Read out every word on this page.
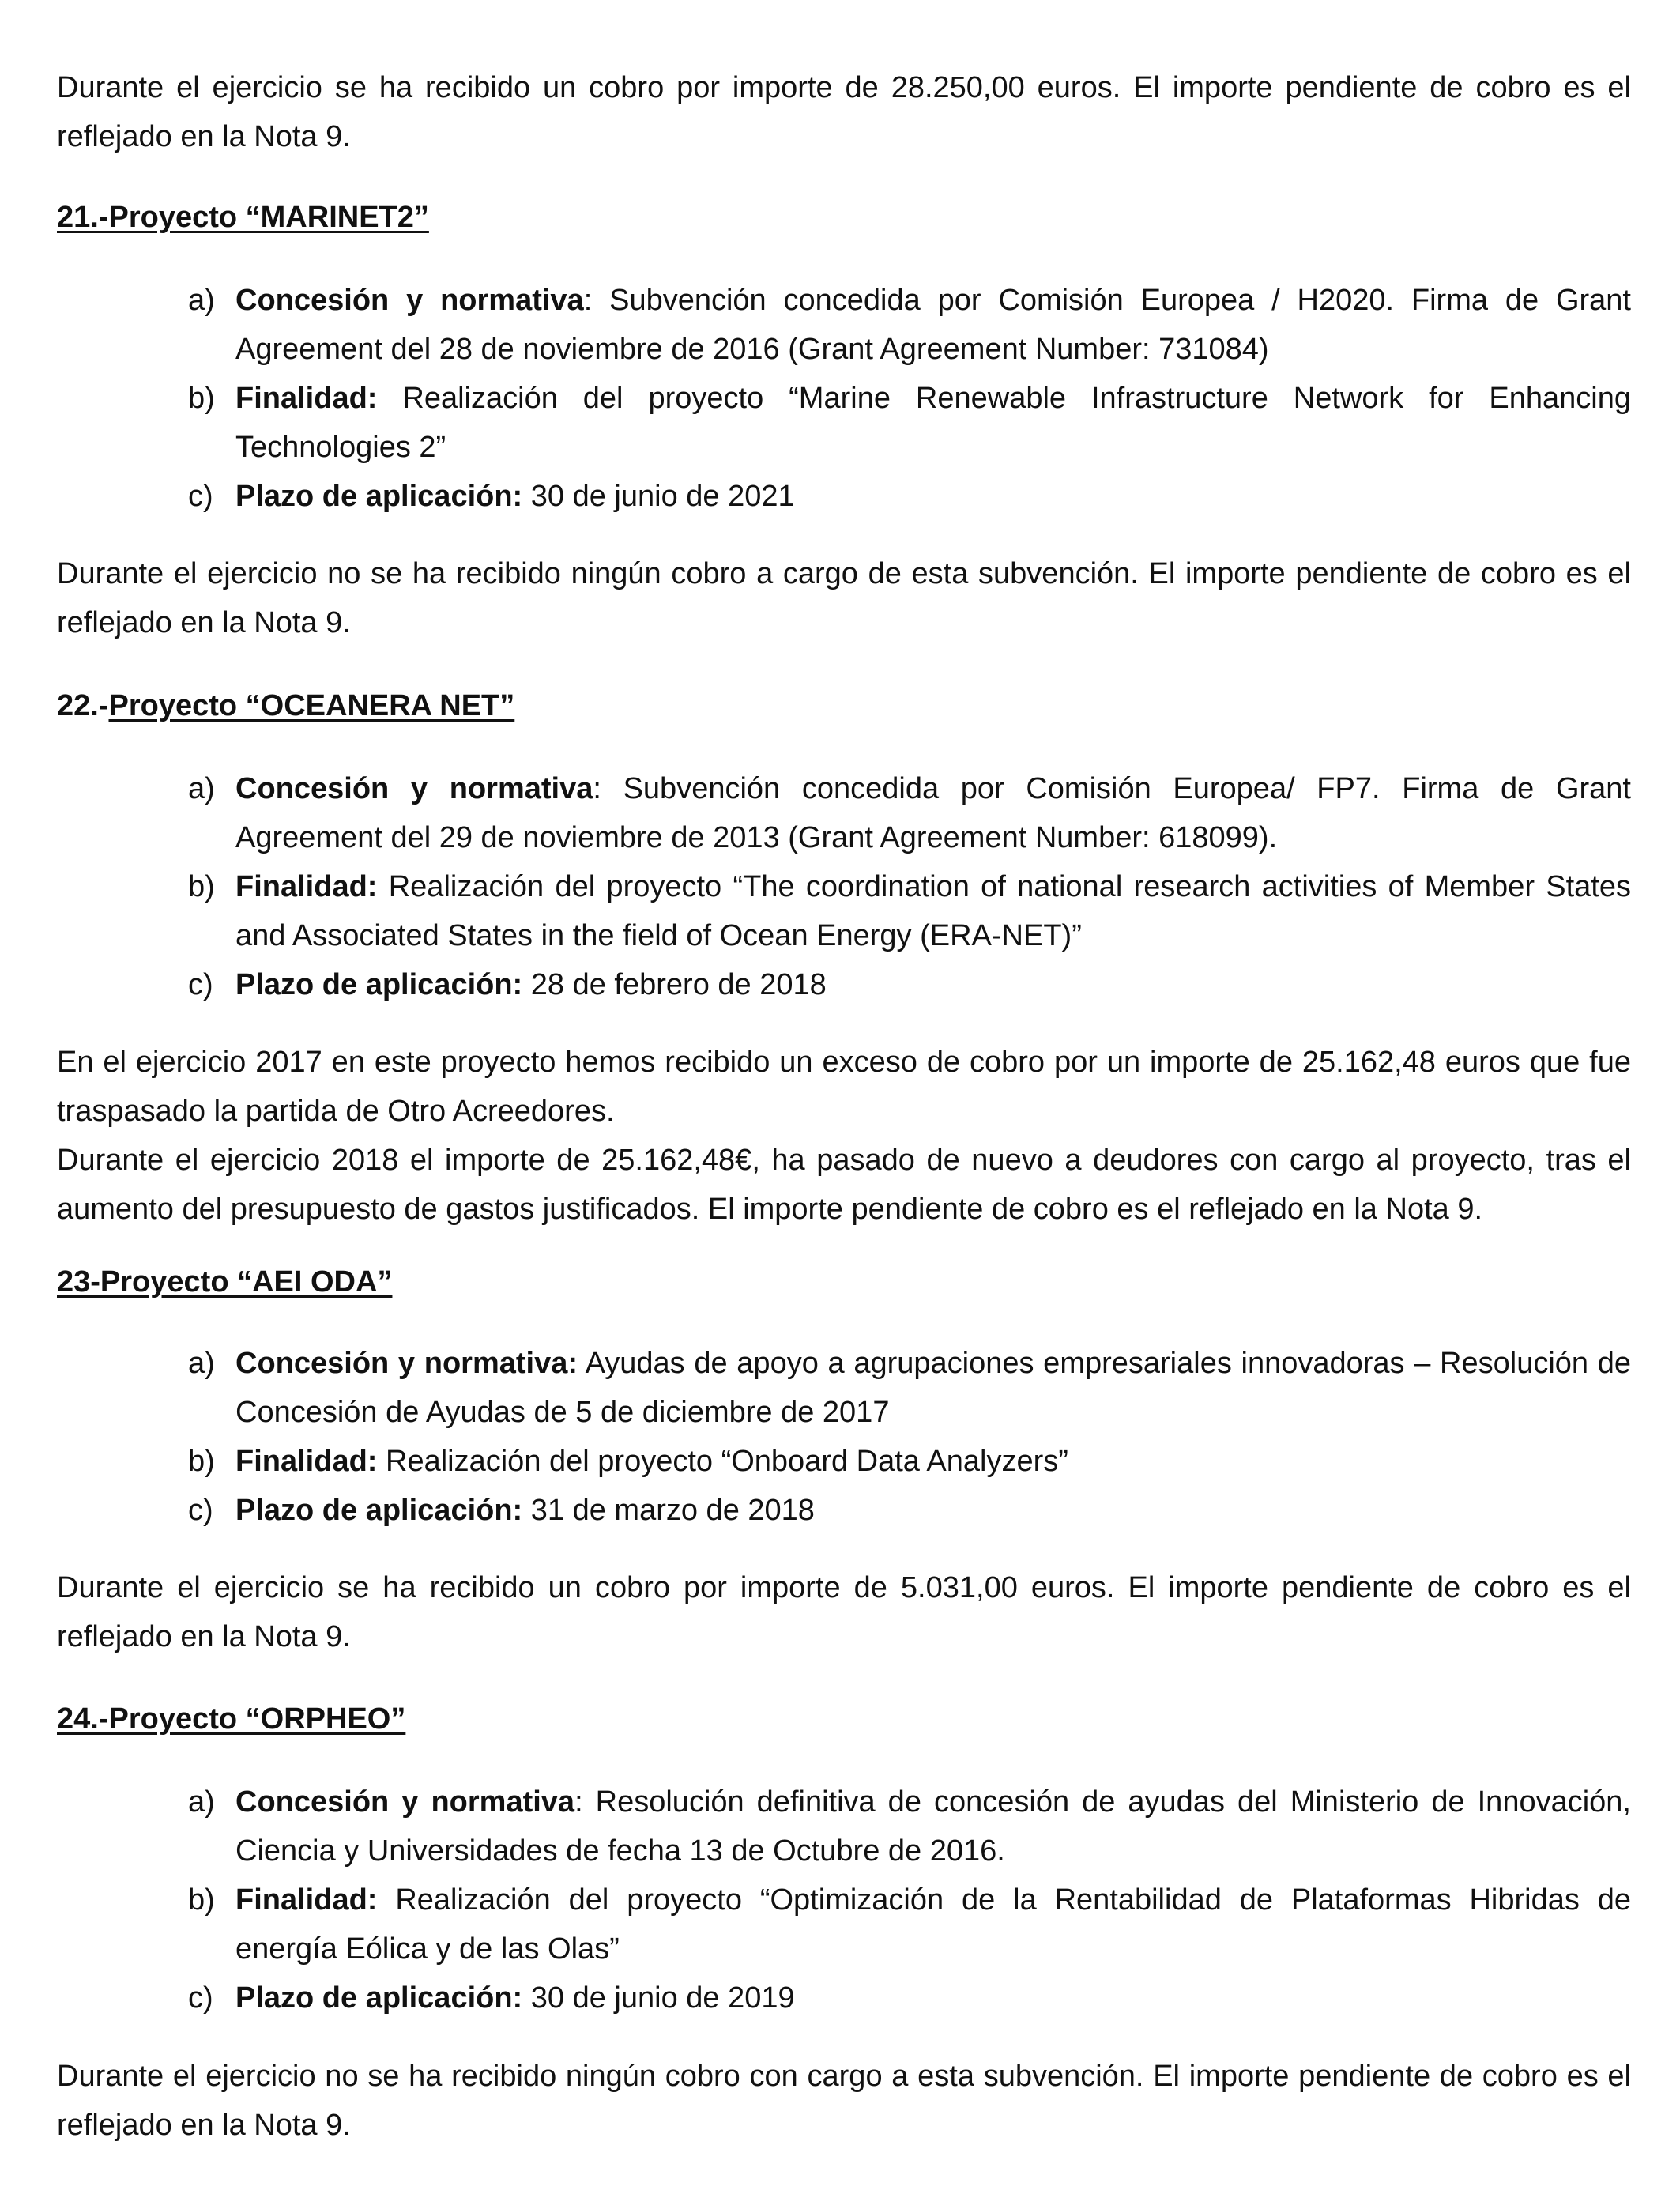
Durante el ejercicio se ha recibido un cobro por importe de 28.250,00 euros. El importe pendiente de cobro es el reflejado en la Nota 9.

21.-Proyecto “MARINET2”
a) Concesión y normativa: Subvención concedida por Comisión Europea / H2020. Firma de Grant Agreement del 28 de noviembre de 2016 (Grant Agreement Number: 731084)
b) Finalidad: Realización del proyecto “Marine Renewable Infrastructure Network for Enhancing Technologies 2”
c) Plazo de aplicación: 30 de junio de 2021

Durante el ejercicio no se ha recibido ningún cobro a cargo de esta subvención. El importe pendiente de cobro es el reflejado en la Nota 9.

22.-Proyecto “OCEANERA NET”
a) Concesión y normativa: Subvención concedida por Comisión Europea/ FP7. Firma de Grant Agreement del 29 de noviembre de 2013 (Grant Agreement Number: 618099).
b) Finalidad: Realización del proyecto “The coordination of national research activities of Member States and Associated States in the field of Ocean Energy (ERA-NET)”
c) Plazo de aplicación: 28 de febrero de 2018

En el ejercicio 2017 en este proyecto hemos recibido un exceso de cobro por un importe de 25.162,48 euros que fue traspasado la partida de Otro Acreedores.

Durante el ejercicio 2018 el importe de 25.162,48€, ha pasado de nuevo a deudores con cargo al proyecto, tras el aumento del presupuesto de gastos justificados. El importe pendiente de cobro es el reflejado en la Nota 9.

23-Proyecto “AEI ODA”
a) Concesión y normativa: Ayudas de apoyo a agrupaciones empresariales innovadoras – Resolución de Concesión de Ayudas de 5 de diciembre de 2017
b) Finalidad: Realización del proyecto “Onboard Data Analyzers”
c) Plazo de aplicación: 31 de marzo de 2018

Durante el ejercicio se ha recibido un cobro por importe de 5.031,00 euros. El importe pendiente de cobro es el reflejado en la Nota 9.

24.-Proyecto “ORPHEO”
a) Concesión y normativa: Resolución definitiva de concesión de ayudas del Ministerio de Innovación, Ciencia y Universidades de fecha 13 de Octubre de 2016.
b) Finalidad: Realización del proyecto “Optimización de la Rentabilidad de Plataformas Hibridas de energía Eólica y de las Olas”
c) Plazo de aplicación: 30 de junio de 2019

Durante el ejercicio no se ha recibido ningún cobro con cargo a esta subvención. El importe pendiente de cobro es el reflejado en la Nota 9.
